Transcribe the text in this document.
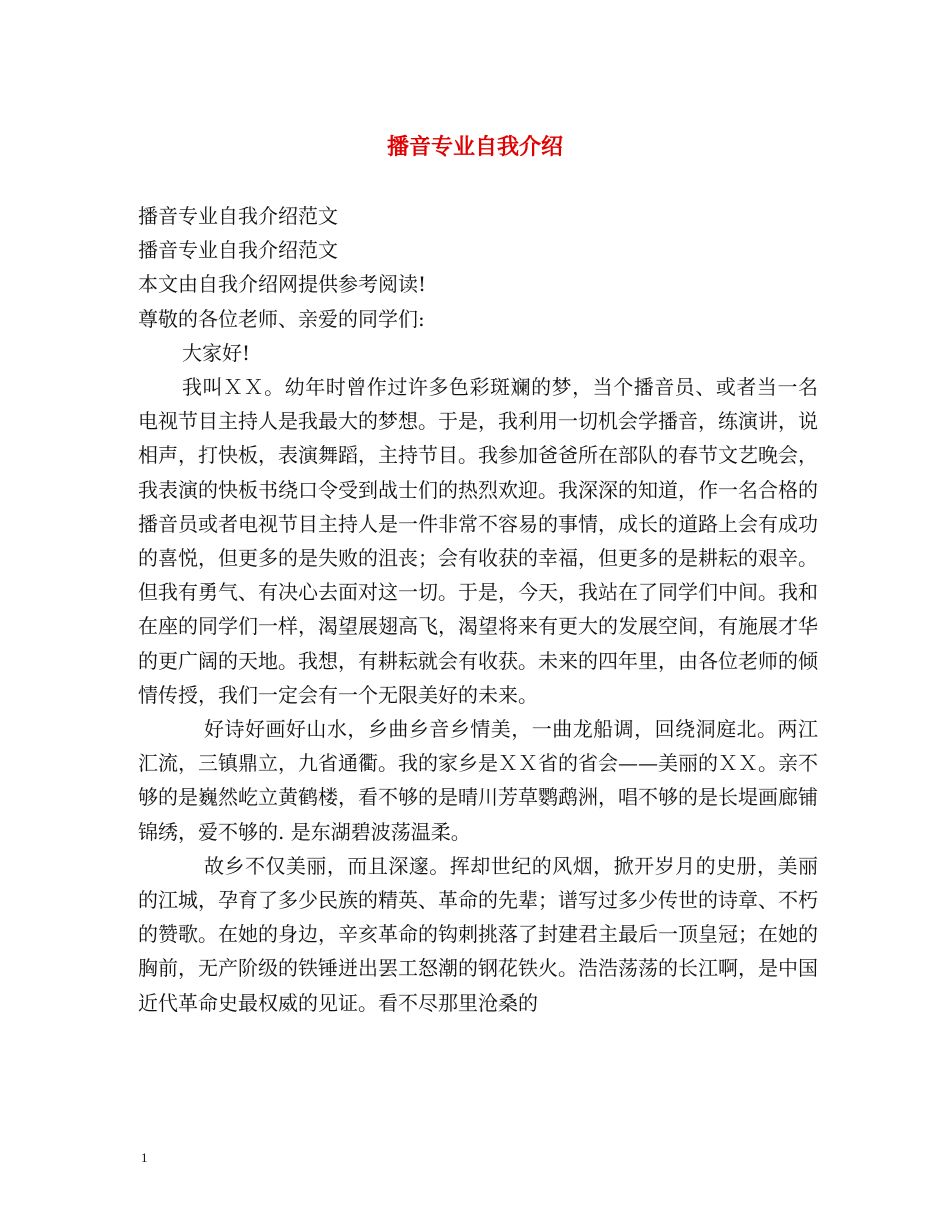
播音专业自我介绍

播音专业自我介绍范文

播音专业自我介绍范文

本文由自我介绍网提供参考阅读!

尊敬的各位老师、亲爱的同学们:

大家好!

我叫ＸＸ。幼年时曾作过许多色彩斑斓的梦，当个播音员、或者当一名电视节目主持人是我最大的梦想。于是，我利用一切机会学播音，练演讲，说相声，打快板，表演舞蹈，主持节目。我参加爸爸所在部队的春节文艺晚会，我表演的快板书绕口令受到战士们的热烈欢迎。我深深的知道，作一名合格的播音员或者电视节目主持人是一件非常不容易的事情，成长的道路上会有成功的喜悦，但更多的是失败的沮丧；会有收获的幸福，但更多的是耕耘的艰辛。但我有勇气、有决心去面对这一切。于是，今天，我站在了同学们中间。我和在座的同学们一样，渴望展翅高飞，渴望将来有更大的发展空间，有施展才华的更广阔的天地。我想，有耕耘就会有收获。未来的四年里，由各位老师的倾情传授，我们一定会有一个无限美好的未来。

好诗好画好山水，乡曲乡音乡情美，一曲龙船调，回绕洞庭北。两江汇流，三镇鼎立，九省通衢。我的家乡是ＸＸ省的省会——美丽的ＸＸ。亲不够的是巍然屹立黄鹤楼，看不够的是晴川芳草鹦鹉洲，唱不够的是长堤画廊铺锦绣，爱不够的. 是东湖碧波荡温柔。

故乡不仅美丽，而且深邃。挥却世纪的风烟，掀开岁月的史册，美丽的江城，孕育了多少民族的精英、革命的先辈；谱写过多少传世的诗章、不朽的赞歌。在她的身边，辛亥革命的钩刺挑落了封建君主最后一顶皇冠；在她的胸前，无产阶级的铁锤迸出罢工怒潮的钢花铁火。浩浩荡荡的长江啊，是中国近代革命史最权威的见证。看不尽那里沧桑的

1
